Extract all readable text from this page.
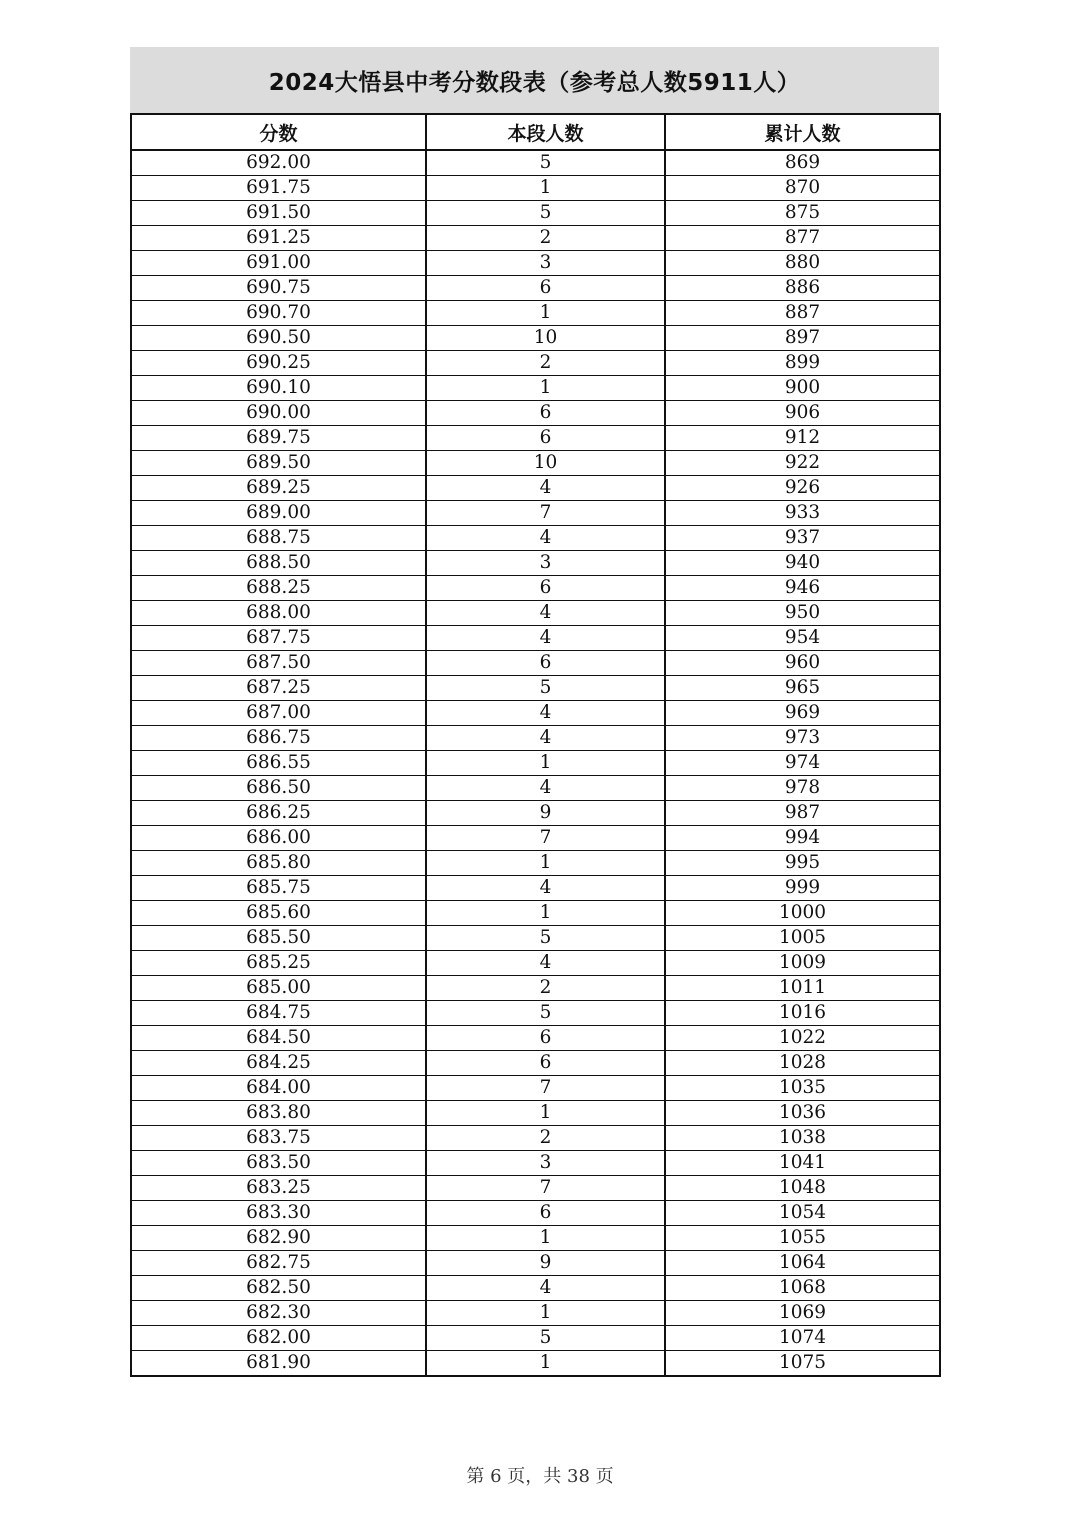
2024大悟县中考分数段表（参考总人数5911人）
分数	本段人数	累计人数
692.00	5	869
691.75	1	870
691.50	5	875
691.25	2	877
691.00	3	880
690.75	6	886
690.70	1	887
690.50	10	897
690.25	2	899
690.10	1	900
690.00	6	906
689.75	6	912
689.50	10	922
689.25	4	926
689.00	7	933
688.75	4	937
688.50	3	940
688.25	6	946
688.00	4	950
687.75	4	954
687.50	6	960
687.25	5	965
687.00	4	969
686.75	4	973
686.55	1	974
686.50	4	978
686.25	9	987
686.00	7	994
685.80	1	995
685.75	4	999
685.60	1	1000
685.50	5	1005
685.25	4	1009
685.00	2	1011
684.75	5	1016
684.50	6	1022
684.25	6	1028
684.00	7	1035
683.80	1	1036
683.75	2	1038
683.50	3	1041
683.25	7	1048
683.30	6	1054
682.90	1	1055
682.75	9	1064
682.50	4	1068
682.30	1	1069
682.00	5	1074
681.90	1	1075
第 6 页，共 38 页
